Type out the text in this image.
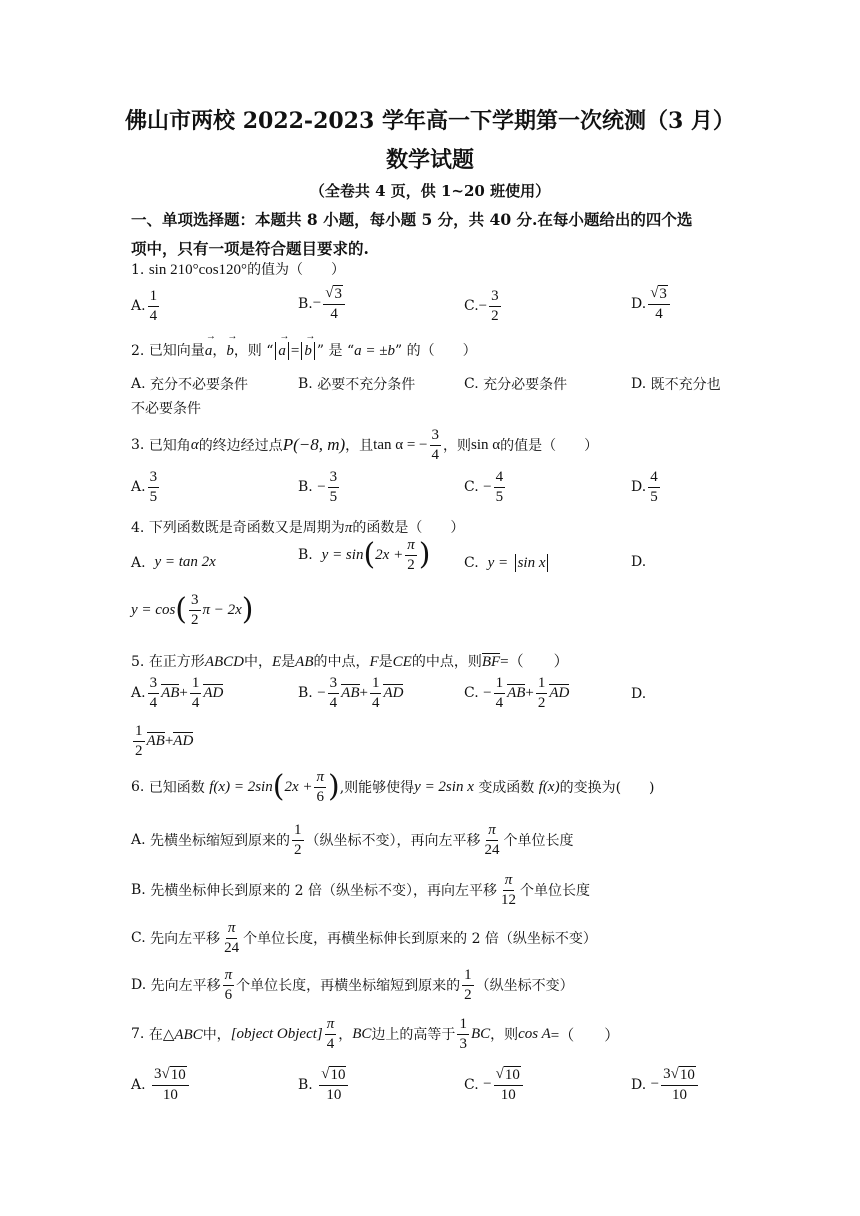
佛山市两校 2022-2023 学年高一下学期第一次统测（3 月）
数学试题
（全卷共 4 页，供 1~20 班使用）
一、单项选择题：本题共 8 小题，每小题 5 分，共 40 分.在每小题给出的四个选
项中，只有一项是符合题目要求的.
1. sin 210°cos120°的值为（　　）
A. $\frac{1}{4}$	B. − $\frac{√ 3}{4}$	C. − $\frac{3}{2}$	D. $\frac{√ 3}{4}$
2. 已知向量a →，b →，则 “ a → = b → ” 是 “a = ±b” 的（　　）
A.
充分不必要条件	B.
必要不充分条件	C.
充分必要条件	D.
既不充分也
不必要条件
3.
已知角 α 的终边经过点 P(−8, m) ，且 tan α = − $\frac{3}{4}$ ，则 sin α 的值是（　　）
A. $\frac{3}{5}$	B.
− $\frac{3}{5}$	C.
− $\frac{4}{5}$	D. $\frac{4}{5}$
4. 下列函数既是奇函数又是周期为π的函数是（　　）
A.
y = tan 2x	B.
y = sin ( $2x + \frac{\pi}{2}$ ) C.
y =
sin x	D.
y = cos ( $\frac{3}{2}$ π − 2x )
5. 在正方形ABCD中，E是AB的中点，F是CE的中点，则BF=（　　）
A. $\frac{3}{4}$ AB + $\frac{1}{4}$ AD	B.
− $\frac{3}{4}$ AB + $\frac{1}{4}$ AD	C.
− $\frac{1}{4}$ AB + $\frac{1}{2}$ AD	D.
$\frac{1}{2}$ AB + AD
6.
已知函数
f(x) = 2sin ( $2x + \frac{\pi}{6}$ ) ,则能够使得 y = 2sin x
变成函数
f(x) 的变换为(　　)
A.
先横坐标缩短到原来的 $\frac{1}{2}$ （纵坐标不变），再向左平移 $\frac{\pi}{24}$ 个单位长度
B.
先横坐标伸长到原来的 2 倍（纵坐标不变），再向左平移 $\frac{\pi}{12}$ 个单位长度
C.
先向左平移 $\frac{\pi}{24}$ 个单位长度，再横坐标伸长到原来的 2 倍（纵坐标不变）
D.
先向左平移 $\frac{\pi}{6}$ 个单位长度，再横坐标缩短到原来的 $\frac{1}{2}$ （纵坐标不变）
7.
在 △ABC 中， [object Object] $\frac{\pi}{4}$ ， BC 边上的高等于 $\frac{1}{3}$ BC ，则 cos A =（　　）
A.
$\frac{3 √ 10}{10}$	B.
$\frac{√ 10}{10}$	C.
− $\frac{√ 10}{10}$	D.
− $\frac{3 √ 10}{10}$
